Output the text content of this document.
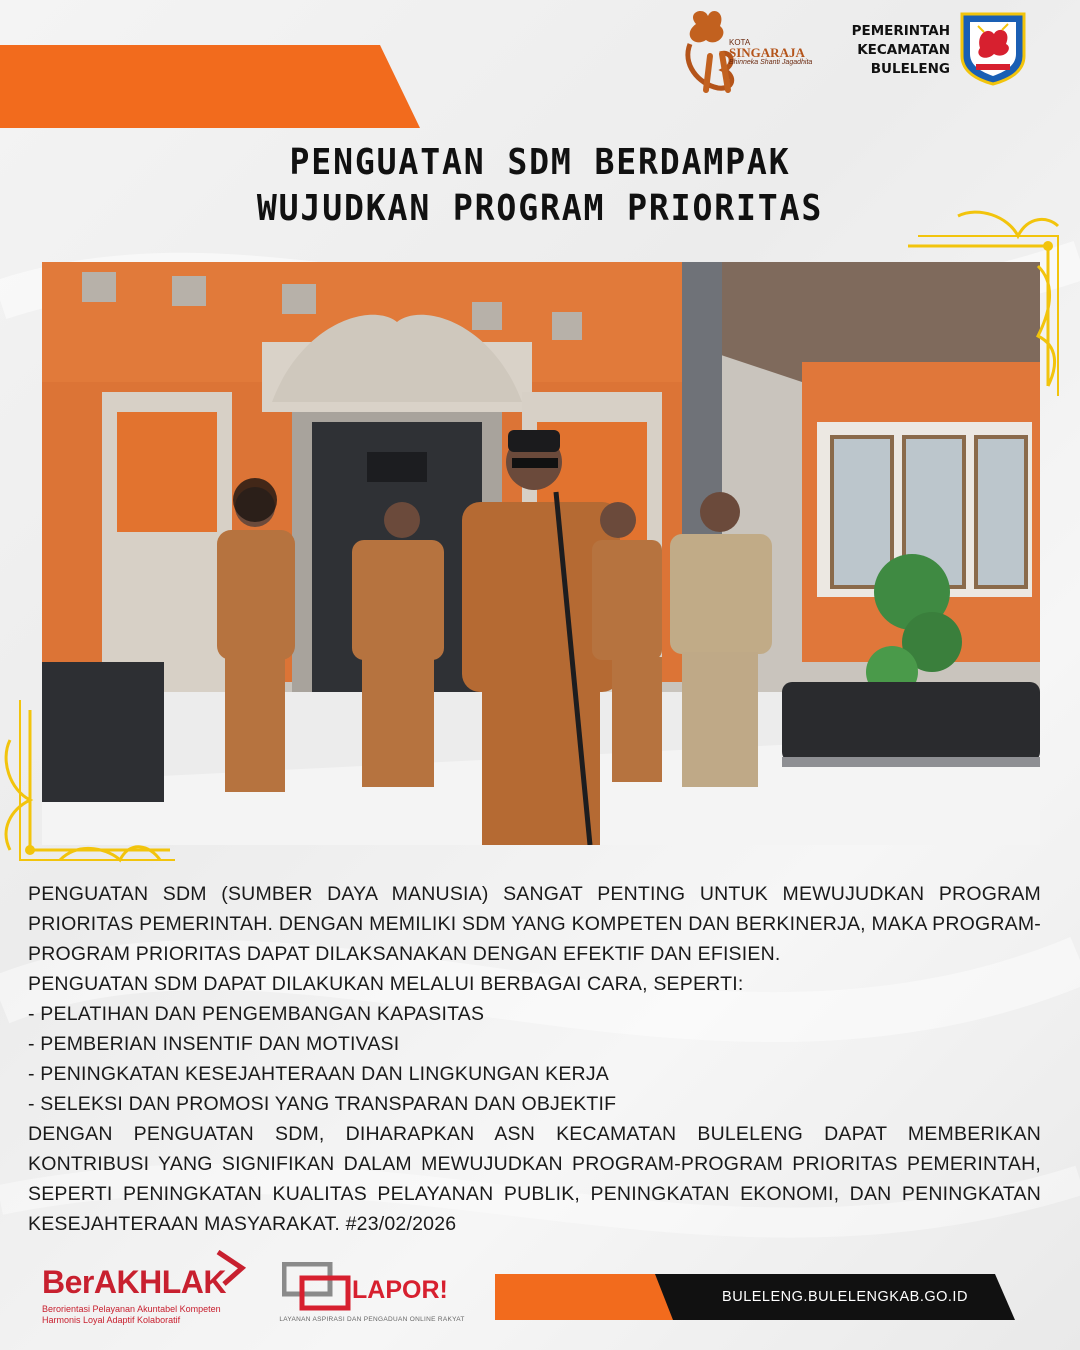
KOTA
SINGARAJA
Bhinneka Shanti Jagadhita
PEMERINTAH
KECAMATAN
BULELENG
PENGUATAN SDM BERDAMPAK
WUJUDKAN PROGRAM PRIORITAS

PENGUATAN SDM (SUMBER DAYA MANUSIA) SANGAT PENTING UNTUK MEWUJUDKAN PROGRAM PRIORITAS PEMERINTAH. DENGAN MEMILIKI SDM YANG KOMPETEN DAN BERKINERJA, MAKA PROGRAM-PROGRAM PRIORITAS DAPAT DILAKSANAKAN DENGAN EFEKTIF DAN EFISIEN.

PENGUATAN SDM DAPAT DILAKUKAN MELALUI BERBAGAI CARA, SEPERTI:

- PELATIHAN DAN PENGEMBANGAN KAPASITAS

- PEMBERIAN INSENTIF DAN MOTIVASI

- PENINGKATAN KESEJAHTERAAN DAN LINGKUNGAN KERJA

- SELEKSI DAN PROMOSI YANG TRANSPARAN DAN OBJEKTIF

DENGAN PENGUATAN SDM, DIHARAPKAN ASN KECAMATAN BULELENG DAPAT MEMBERIKAN KONTRIBUSI YANG SIGNIFIKAN DALAM MEWUJUDKAN PROGRAM-PROGRAM PRIORITAS PEMERINTAH, SEPERTI PENINGKATAN KUALITAS PELAYANAN PUBLIK, PENINGKATAN EKONOMI, DAN PENINGKATAN KESEJAHTERAAN MASYARAKAT. #23/02/2026

BerAKHLAK
Berorientasi Pelayanan Akuntabel Kompeten
Harmonis Loyal Adaptif Kolaboratif
LAPOR!
LAYANAN ASPIRASI DAN PENGADUAN ONLINE RAKYAT
BULELENG.BULELENGKAB.GO.ID
